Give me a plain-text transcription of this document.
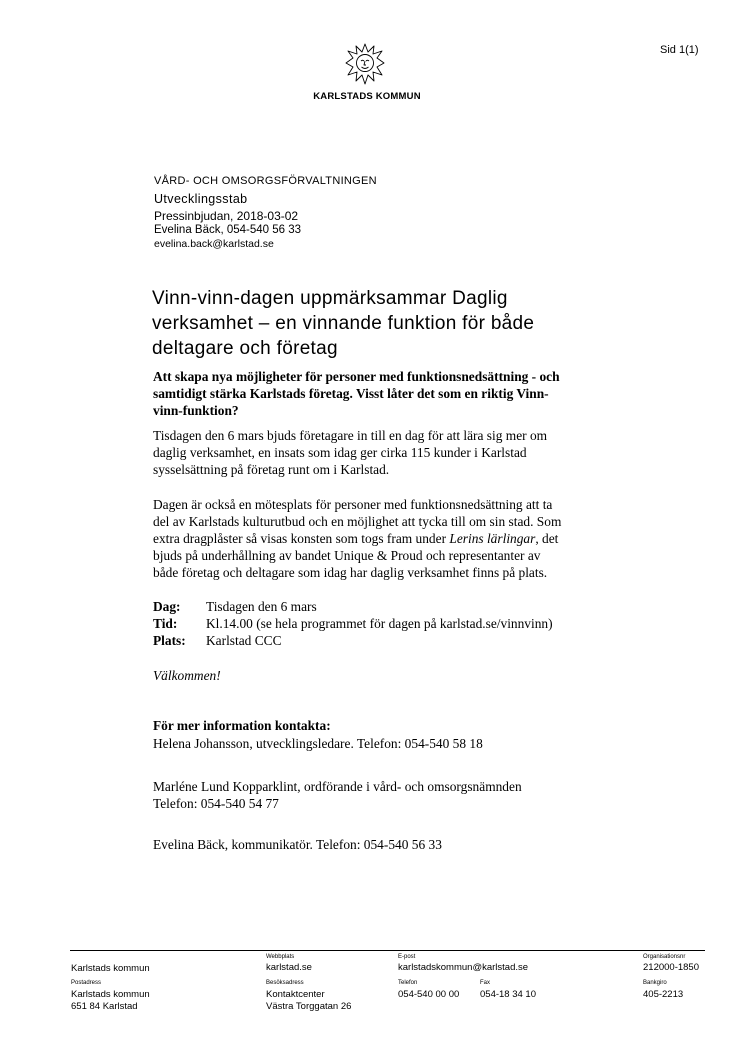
Sid 1(1)
KARLSTADS KOMMUN
VÅRD- OCH OMSORGSFÖRVALTNINGEN
Utvecklingsstab
Pressinbjudan, 2018-03-02
Evelina Bäck, 054-540 56 33
evelina.back@karlstad.se
Vinn-vinn-dagen uppmärksammar Daglig
verksamhet – en vinnande funktion för både
deltagare och företag
Att skapa nya möjligheter för personer med funktionsnedsättning - och
samtidigt stärka Karlstads företag. Visst låter det som en riktig Vinn-
vinn-funktion?
Tisdagen den 6 mars bjuds företagare in till en dag för att lära sig mer om
daglig verksamhet, en insats som idag ger cirka 115 kunder i Karlstad
sysselsättning på företag runt om i Karlstad.
Dagen är också en mötesplats för personer med funktionsnedsättning att ta
del av Karlstads kulturutbud och en möjlighet att tycka till om sin stad. Som
extra dragplåster så visas konsten som togs fram under Lerins lärlingar, det
bjuds på underhållning av bandet Unique & Proud och representanter av
både företag och deltagare som idag har daglig verksamhet finns på plats.
Dag: Tisdagen den 6 mars
Tid: Kl.14.00 (se hela programmet för dagen på karlstad.se/vinnvinn)
Plats: Karlstad CCC
Välkommen!
För mer information kontakta:
Helena Johansson, utvecklingsledare. Telefon: 054-540 58 18
Marléne Lund Kopparklint, ordförande i vård- och omsorgsnämnden
Telefon: 054-540 54 77
Evelina Bäck, kommunikatör. Telefon: 054-540 56 33
Karlstads kommun
Webbplats
karlstad.se
E-post
karlstadskommun@karlstad.se
Organisationsnr
212000-1850
Postadress
Karlstads kommun
651 84 Karlstad
Besöksadress
Kontaktcenter
Västra Torggatan 26
Telefon
054-540 00 00
Fax
054-18 34 10
Bankgiro
405-2213
